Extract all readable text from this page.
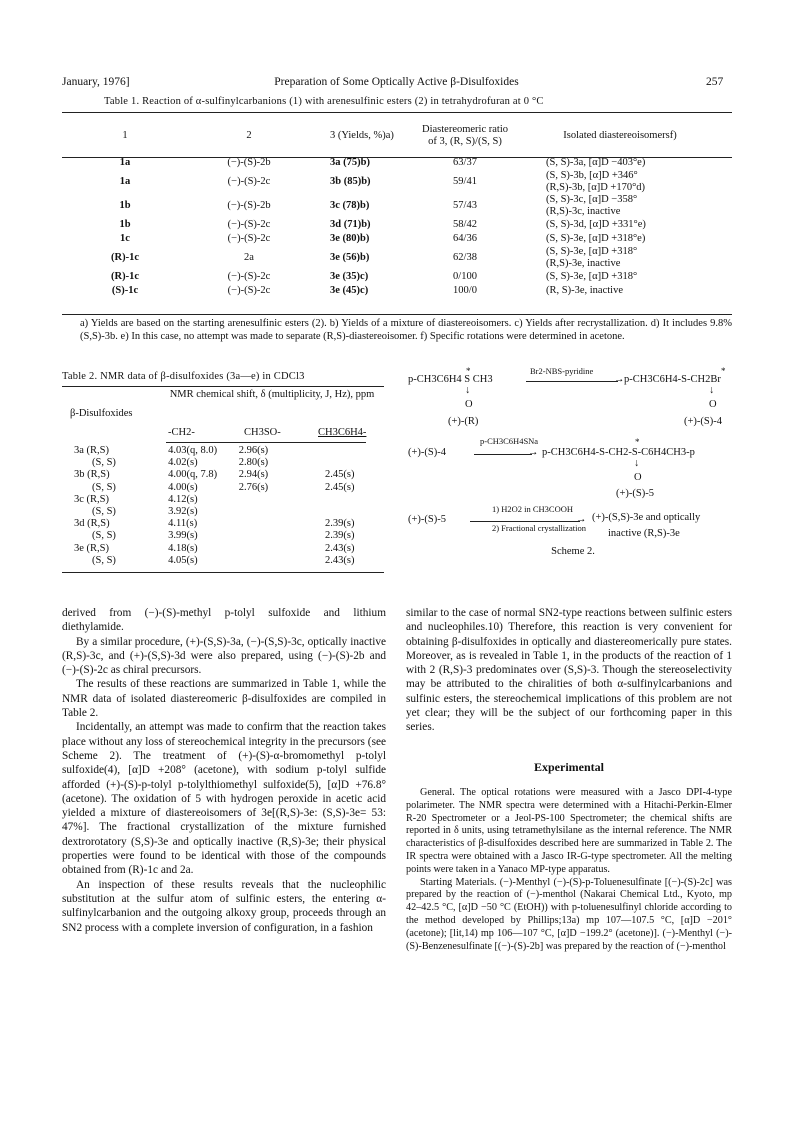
January, 1976]	Preparation of Some Optically Active β-Disulfoxides	257
Table 1. Reaction of α-sulfinylcarbanions (1) with arenesulfinic esters (2) in tetrahydrofuran at 0 °C
1	2	3 (Yields, %)a)	Diastereomeric ratio of 3, (R, S)/(S, S)	Isolated diastereoisomersf)
1a	(−)-(S)-2b	3a (75)b)	63/37	(S, S)-3a, [α]D −403°e)
1a	(−)-(S)-2c	3b (85)b)	59/41	(S, S)-3b, [α]D +346°
(R,S)-3b, [α]D +170°d)
1b	(−)-(S)-2b	3c (78)b)	57/43	(S, S)-3c, [α]D −358°
(R,S)-3c, inactive
1b	(−)-(S)-2c	3d (71)b)	58/42	(S, S)-3d, [α]D +331°e)
1c	(−)-(S)-2c	3e (80)b)	64/36	(S, S)-3e, [α]D +318°e)
(R)-1c	2a	3e (56)b)	62/38	(S, S)-3e, [α]D +318°
(R,S)-3e, inactive
(R)-1c	(−)-(S)-2c	3e (35)c)	0/100	(S, S)-3e, [α]D +318°
(S)-1c	(−)-(S)-2c	3e (45)c)	100/0	(R, S)-3e, inactive
a) Yields are based on the starting arenesulfinic esters (2). b) Yields of a mixture of diastereoisomers. c) Yields after recrystallization. d) It includes 9.8% (S,S)-3b. e) In this case, no attempt was made to separate (R,S)-diastereoisomer. f) Specific rotations were determined in acetone.
Table 2. NMR data of β-disulfoxides (3a—e) in CDCl3
β-Disulfoxides
NMR chemical shift, δ (multiplicity, J, Hz), ppm
-CH2-	CH3SO-	CH3C6H4-
3a (R,S)	4.03(q, 8.0)	2.96(s)	
(S, S)	4.02(s)	2.80(s)	
3b (R,S)	4.00(q, 7.8)	2.94(s)	2.45(s)
(S, S)	4.00(s)	2.76(s)	2.45(s)
3c (R,S)	4.12(s)		
(S, S)	3.92(s)		
3d (R,S)	4.11(s)		2.39(s)
(S, S)	3.99(s)		2.39(s)
3e (R,S)	4.18(s)		2.43(s)
(S, S)	4.05(s)		2.43(s)

derived from (−)-(S)-methyl p-tolyl sulfoxide and lithium diethylamide.

By a similar procedure, (+)-(S,S)-3a, (−)-(S,S)-3c, optically inactive (R,S)-3c, and (+)-(S,S)-3d were also prepared, using (−)-(S)-2b and (−)-(S)-2c as chiral precursors.

The results of these reactions are summarized in Table 1, while the NMR data of isolated diastereomeric β-disulfoxides are compiled in Table 2.

Incidentally, an attempt was made to confirm that the reaction takes place without any loss of stereochemical integrity in the precursors (see Scheme 2). The treatment of (+)-(S)-α-bromomethyl p-tolyl sulfoxide(4), [α]D +208° (acetone), with sodium p-tolyl sulfide afforded (+)-(S)-p-tolyl p-tolylthiomethyl sulfoxide(5), [α]D +76.8° (acetone). The oxidation of 5 with hydrogen peroxide in acetic acid yielded a mixture of diastereoisomers of 3e[(R,S)-3e: (S,S)-3e= 53: 47%]. The fractional crystallization of the mixture furnished dextrorotatory (S,S)-3e and optically inactive (R,S)-3e; their physical properties were found to be identical with those of the compounds obtained from (R)-1c and 2a.

An inspection of these results reveals that the nucleophilic substitution at the sulfur atom of sulfinic esters, the entering α-sulfinylcarbanion and the outgoing alkoxy group, proceeds through an SN2 process with a complete inversion of configuration, in a fashion

*	*
p-CH3C6H4 S CH3
Br2-NBS-pyridine
→ p-CH3C6H4-S-CH2Br
↓	↓
O	O
(+)-(R)	(+)-(S)-4
*
p-CH3C6H4SNa
(+)-(S)-4	→ p-CH3C6H4-S-CH2-S-C6H4CH3-p
↓
O
(+)-(S)-5
1) H2O2 in CH3COOH
(+)-(S)-5	→
2) Fractional crystallization
(+)-(S,S)-3e and optically
inactive (R,S)-3e
Scheme 2.

similar to the case of normal SN2-type reactions between sulfinic esters and nucleophiles.10) Therefore, this reaction is very convenient for obtaining β-disulfoxides in optically and diastereomerically pure states. Moreover, as is revealed in Table 1, in the products of the reaction of 1 with 2 (R,S)-3 predominates over (S,S)-3. Though the stereoselectivity may be attributed to the chiralities of both α-sulfinylcarbanions and sulfinic esters, the stereochemical implications of this problem are not yet clear; they will be the subject of our forthcoming paper in this series.

Experimental

General. The optical rotations were measured with a Jasco DPI-4-type polarimeter. The NMR spectra were determined with a Hitachi-Perkin-Elmer R-20 Spectrometer or a Jeol-PS-100 Spectrometer; the chemical shifts are reported in δ units, using tetramethylsilane as the internal reference. The NMR characteristics of β-disulfoxides described here are summarized in Table 2. The IR spectra were obtained with a Jasco IR-G-type spectrometer. All the melting points were taken in a Yanaco MP-type apparatus.

Starting Materials. (−)-Menthyl (−)-(S)-p-Toluenesulfinate [(−)-(S)-2c] was prepared by the reaction of (−)-menthol (Nakarai Chemical Ltd., Kyoto, mp 42–42.5 °C, [α]D −50 °C (EtOH)) with p-toluenesulfinyl chloride according to the method developed by Phillips;13a) mp 107—107.5 °C, [α]D −201° (acetone); [lit,14) mp 106—107 °C, [α]D −199.2° (acetone)]. (−)-Menthyl (−)-(S)-Benzenesulfinate [(−)-(S)-2b] was prepared by the reaction of (−)-menthol
